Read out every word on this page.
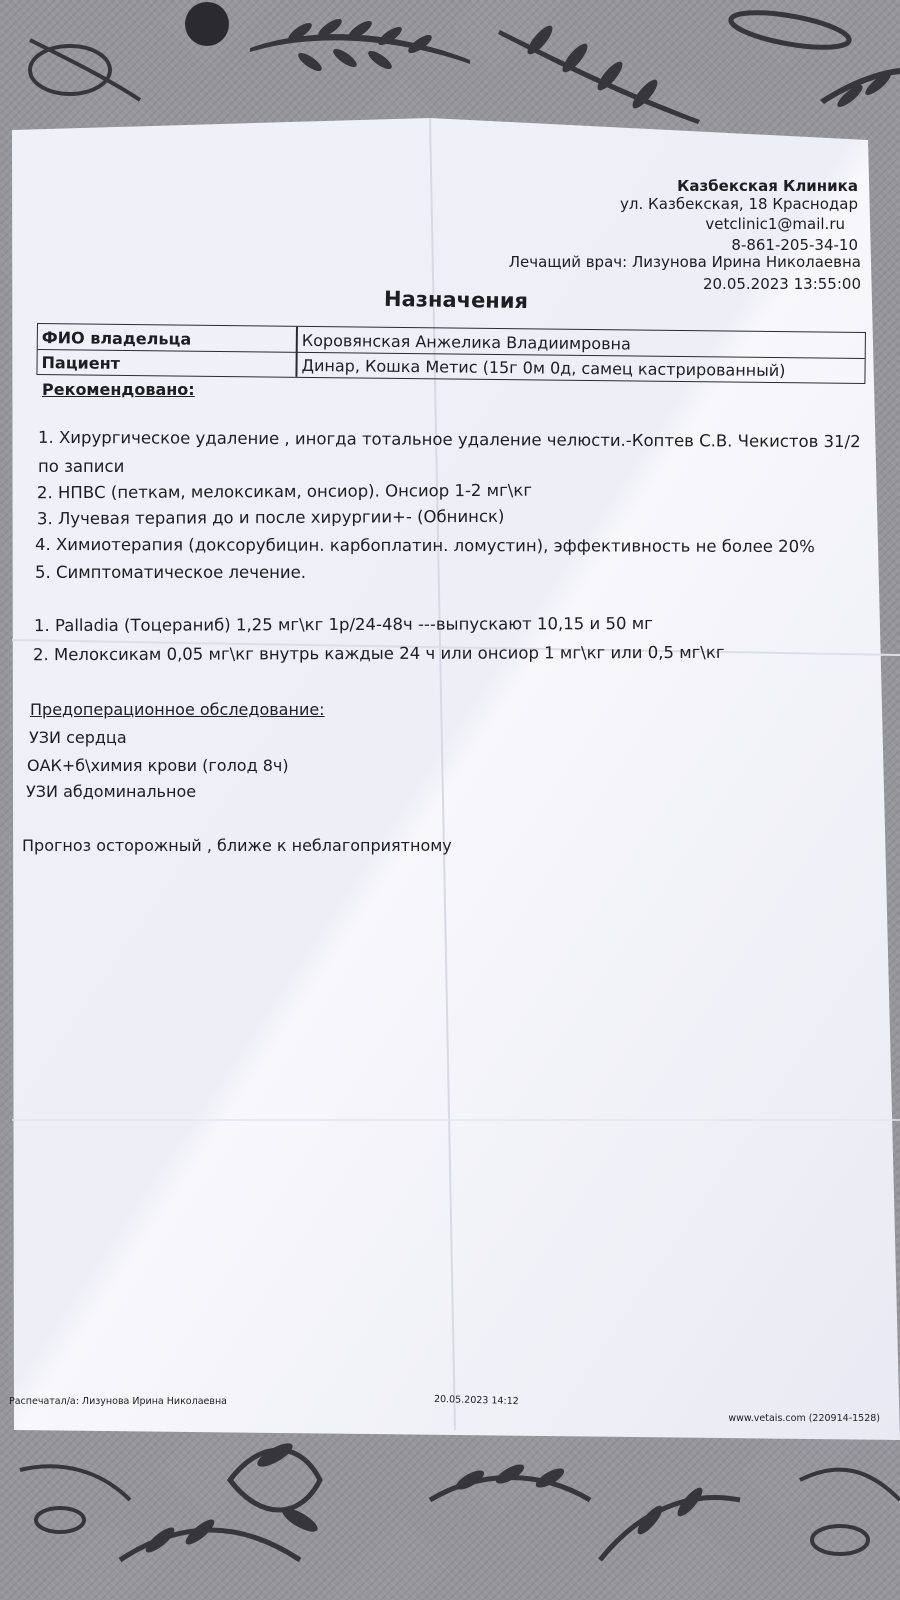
Казбекская Клиника
ул. Казбекская, 18 Краснодар
vetclinic1@mail.ru
8-861-205-34-10
Лечащий врач: Лизунова Ирина Николаевна
20.05.2023 13:55:00
Назначения
ФИО владельца	Коровянская Анжелика Владиимровна
Пациент	Динар, Кошка Метис (15г 0м 0д, самец кастрированный)
Рекомендовано:
1. Хирургическое удаление , иногда тотальное удаление челюсти.-Коптев С.В. Чекистов 31/2
по записи
2. НПВС (петкам, мелоксикам, онсиор). Онсиор 1-2 мг\кг
3. Лучевая терапия до и после хирургии+- (Обнинск)
4. Химиотерапия (доксорубицин. карбоплатин. ломустин), эффективность не более 20%
5. Симптоматическое лечение.
1. Palladia (Тоцераниб) 1,25 мг\кг 1р/24-48ч ---выпускают 10,15 и 50 мг
2. Мелоксикам 0,05 мг\кг внутрь каждые 24 ч или онсиор 1 мг\кг или 0,5 мг\кг
Предоперационное обследование:
УЗИ сердца
ОАК+б\химия крови (голод 8ч)
УЗИ абдоминальное
Прогноз осторожный , ближе к неблагоприятному
Распечатал/а: Лизунова Ирина Николаевна	20.05.2023 14:12
www.vetais.com (220914-1528)
